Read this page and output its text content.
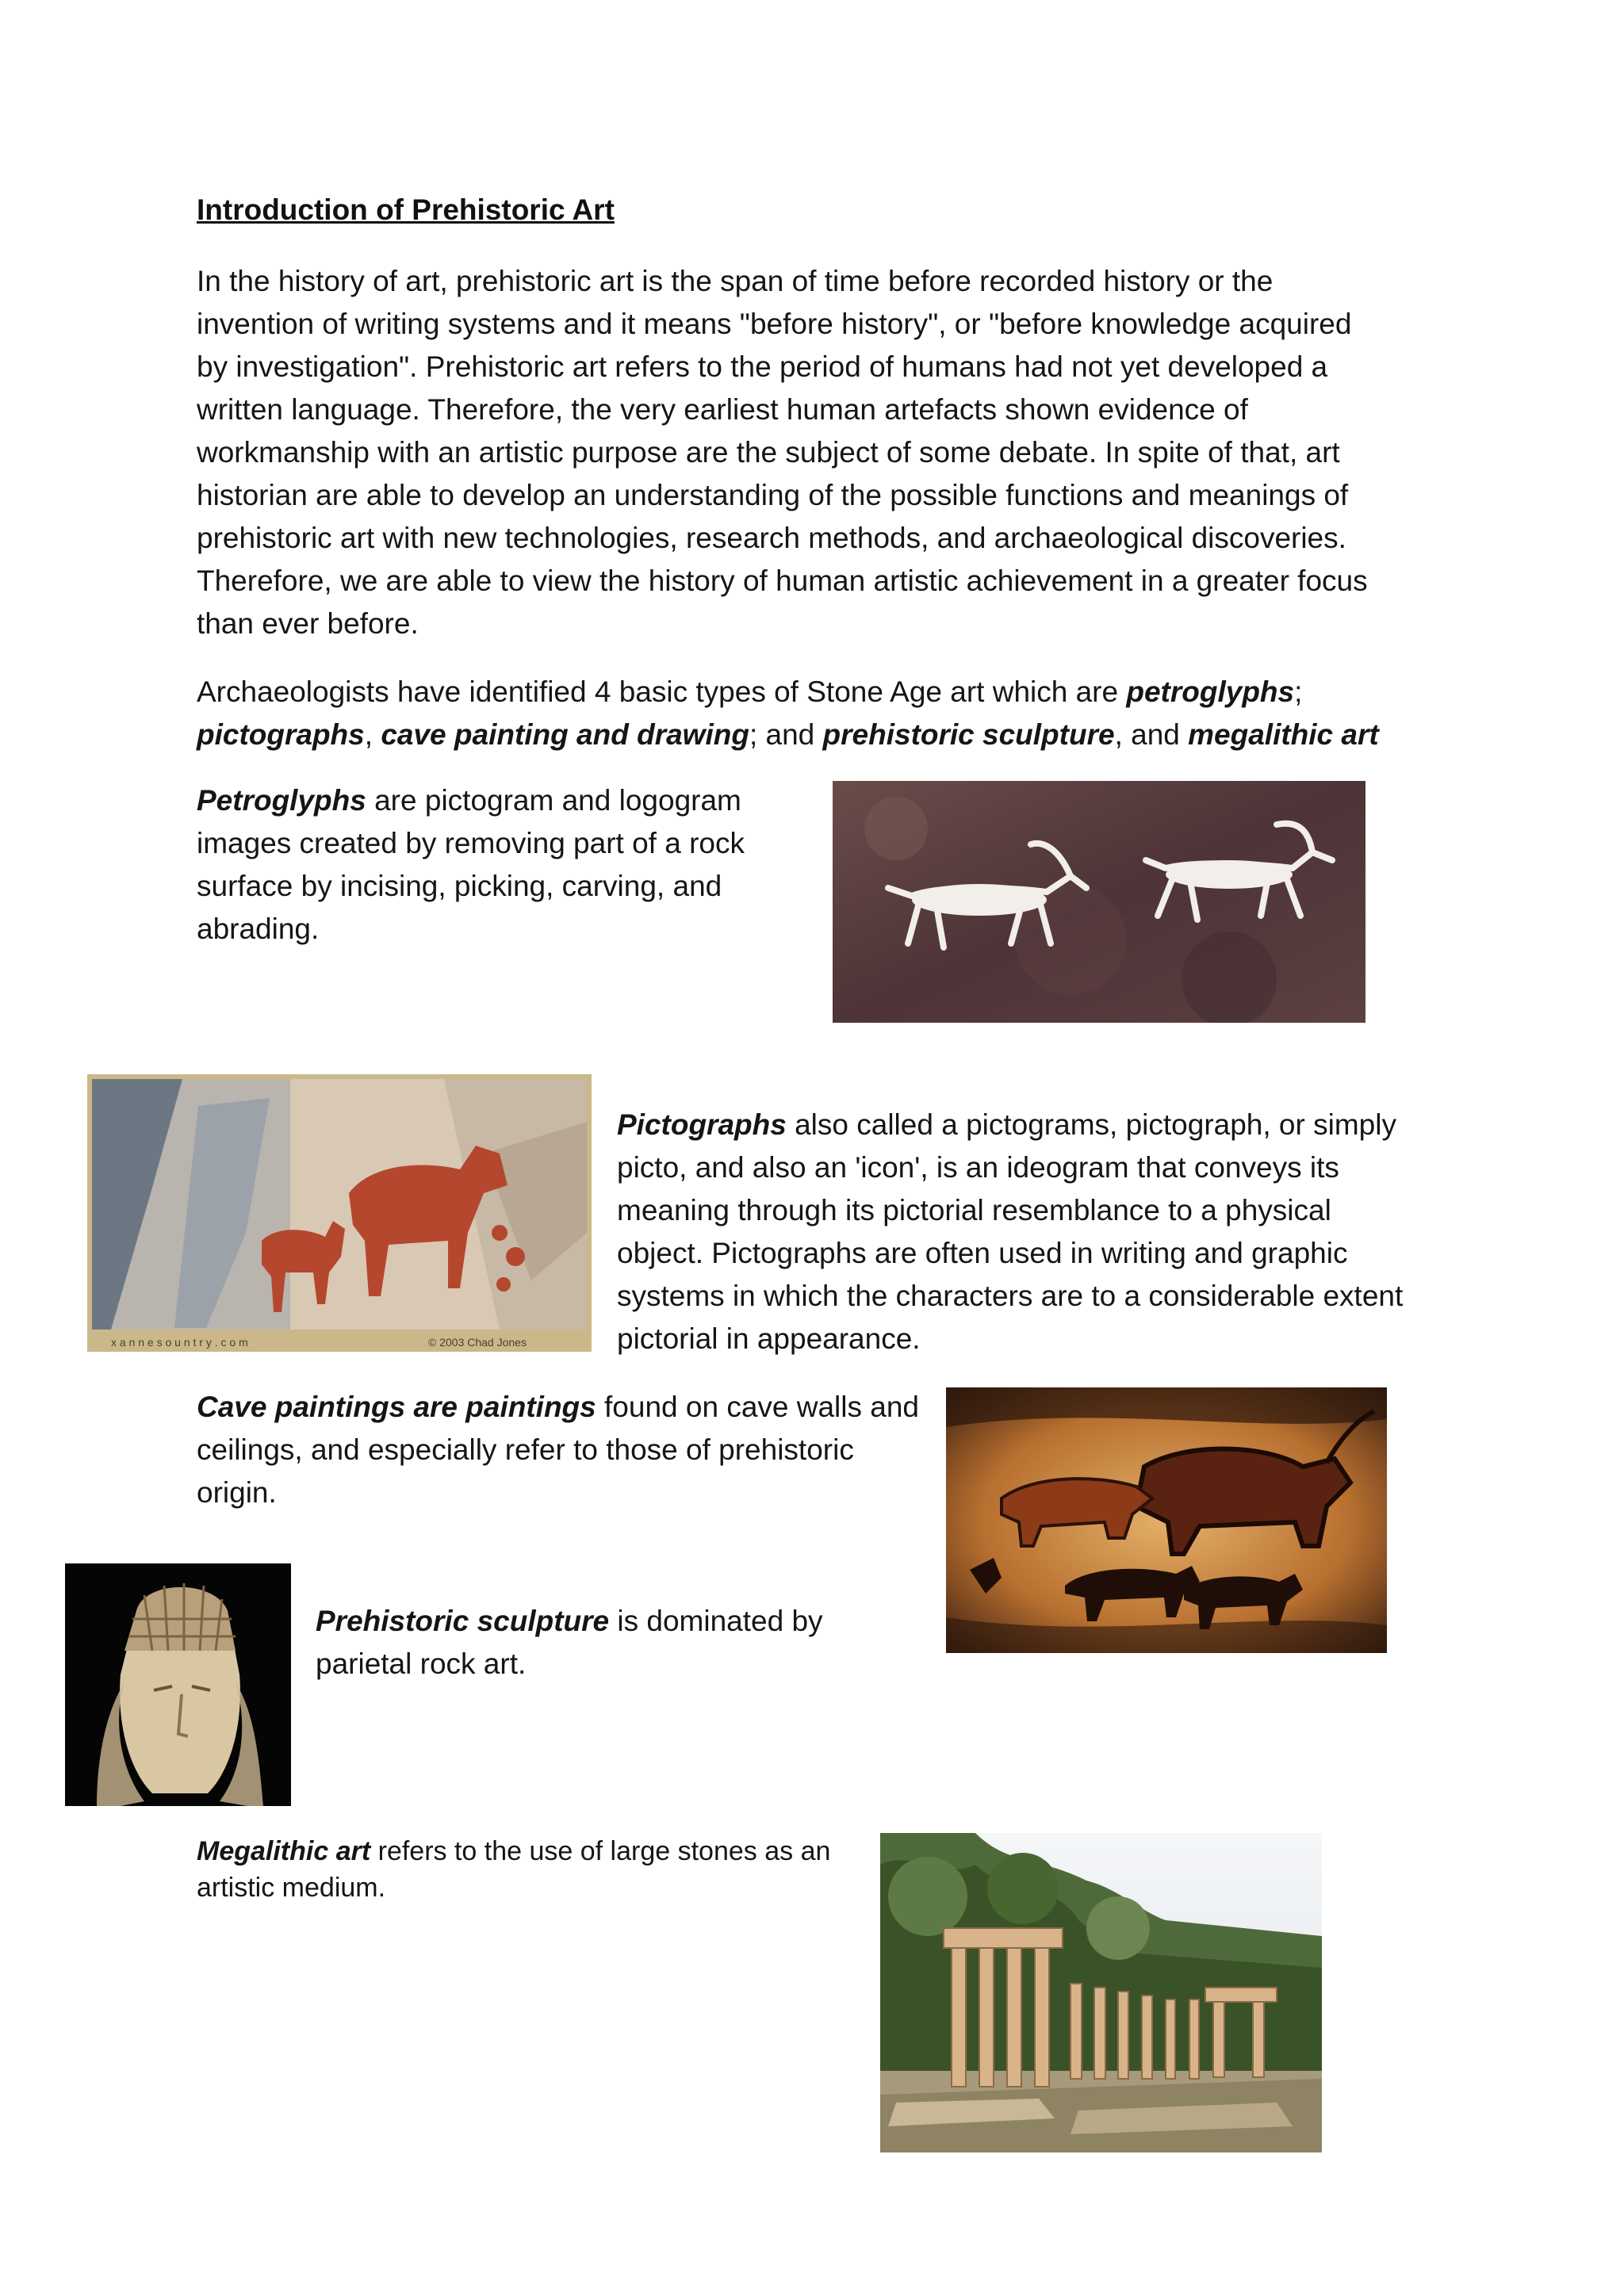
Introduction of Prehistoric Art
In the history of art, prehistoric art is the span of time before recorded history or the
invention of writing systems and it means "before history", or "before knowledge acquired
by investigation". Prehistoric art refers to the period of humans had not yet developed a
written language. Therefore, the very earliest human artefacts shown evidence of
workmanship with an artistic purpose are the subject of some debate. In spite of that, art
historian are able to develop an understanding of the possible functions and meanings of
prehistoric art with new technologies, research methods, and archaeological discoveries.
Therefore, we are able to view the history of human artistic achievement in a greater focus
than ever before.
Archaeologists have identified 4 basic types of Stone Age art which are petroglyphs;
pictographs, cave painting and drawing; and prehistoric sculpture, and megalithic art
Petroglyphs are pictogram and logogram
images created by removing part of a rock
surface by incising, picking, carving, and
abrading.
x a n n e s o u n t r y . c o m	© 2003 Chad Jones
Pictographs also called a pictograms, pictograph, or simply
picto, and also an 'icon', is an ideogram that conveys its
meaning through its pictorial resemblance to a physical
object. Pictographs are often used in writing and graphic
systems in which the characters are to a considerable extent
pictorial in appearance.
Cave paintings are paintings found on cave walls and
ceilings, and especially refer to those of prehistoric
origin.
Prehistoric sculpture is dominated by
parietal rock art.
Megalithic art refers to the use of large stones as an
artistic medium.
